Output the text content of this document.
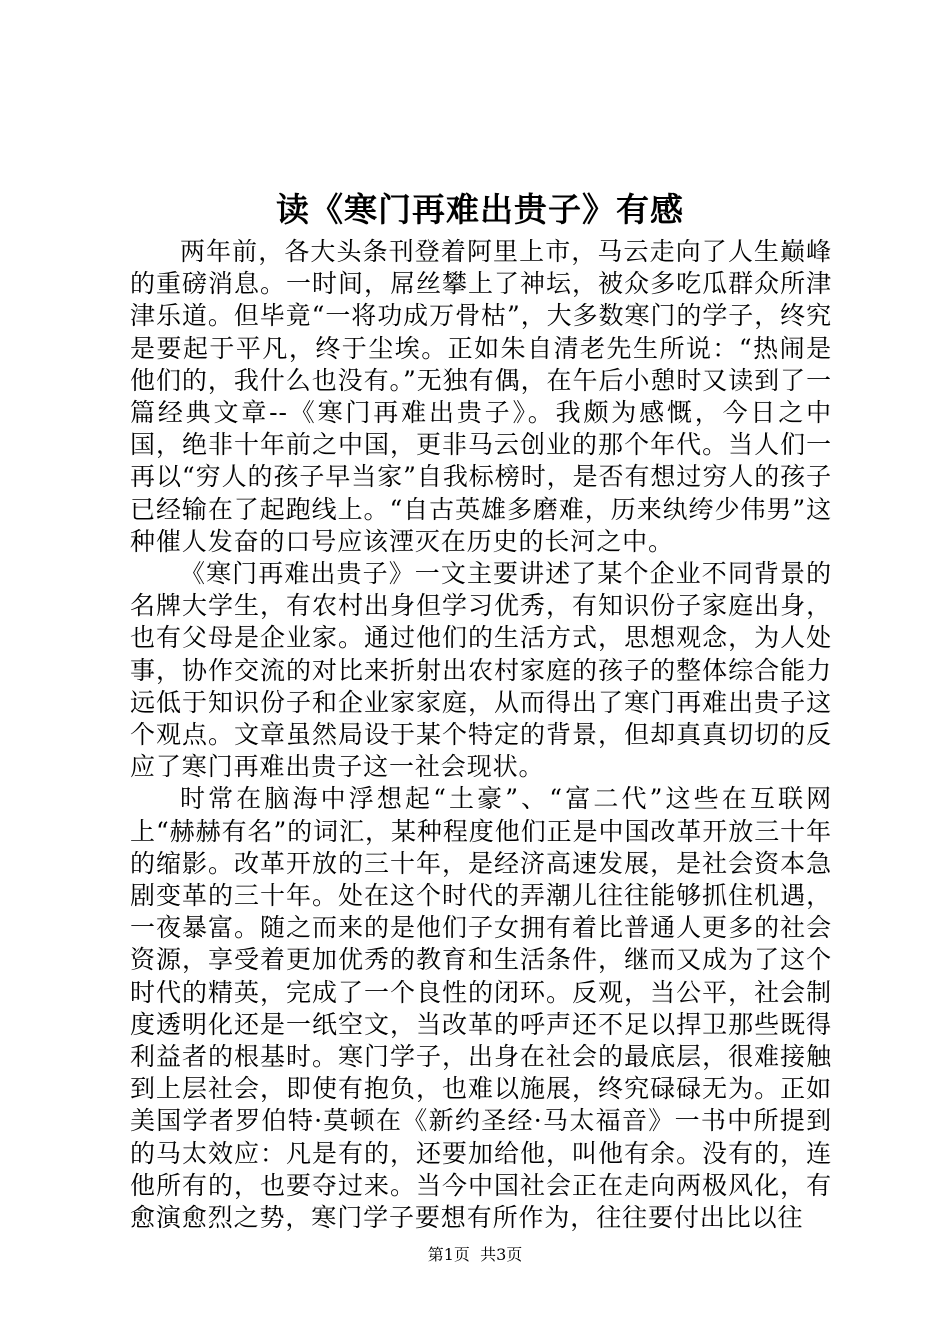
读《寒门再难出贵子》有感

两年前，各大头条刊登着阿里上市，马云走向了人生巅峰的重磅消息。一时间，屌丝攀上了神坛，被众多吃瓜群众所津津乐道。但毕竟“一将功成万骨枯”，大多数寒门的学子，终究是要起于平凡，终于尘埃。正如朱自清老先生所说：“热闹是他们的，我什么也没有。”无独有偶，在午后小憩时又读到了一篇经典文章--《寒门再难出贵子》。我颇为感慨，今日之中国，绝非十年前之中国，更非马云创业的那个年代。当人们一再以“穷人的孩子早当家”自我标榜时，是否有想过穷人的孩子已经输在了起跑线上。“自古英雄多磨难，历来纨绔少伟男”这种催人发奋的口号应该湮灭在历史的长河之中。

《寒门再难出贵子》一文主要讲述了某个企业不同背景的名牌大学生，有农村出身但学习优秀，有知识份子家庭出身，也有父母是企业家。通过他们的生活方式，思想观念，为人处事，协作交流的对比来折射出农村家庭的孩子的整体综合能力远低于知识份子和企业家家庭，从而得出了寒门再难出贵子这个观点。文章虽然局设于某个特定的背景，但却真真切切的反应了寒门再难出贵子这一社会现状。

时常在脑海中浮想起“土豪”、“富二代”这些在互联网上“赫赫有名”的词汇，某种程度他们正是中国改革开放三十年的缩影。改革开放的三十年，是经济高速发展，是社会资本急剧变革的三十年。处在这个时代的弄潮儿往往能够抓住机遇，一夜暴富。随之而来的是他们子女拥有着比普通人更多的社会资源，享受着更加优秀的教育和生活条件，继而又成为了这个时代的精英，完成了一个良性的闭环。反观，当公平，社会制度透明化还是一纸空文，当改革的呼声还不足以捍卫那些既得利益者的根基时。寒门学子，出身在社会的最底层，很难接触到上层社会，即使有抱负，也难以施展，终究碌碌无为。正如美国学者罗伯特·莫顿在《新约圣经·马太福音》一书中所提到的马太效应：凡是有的，还要加给他，叫他有余。没有的，连他所有的，也要夺过来。当今中国社会正在走向两极风化，有愈演愈烈之势，寒门学子要想有所作为，往往要付出比以往

第1页 共3页
